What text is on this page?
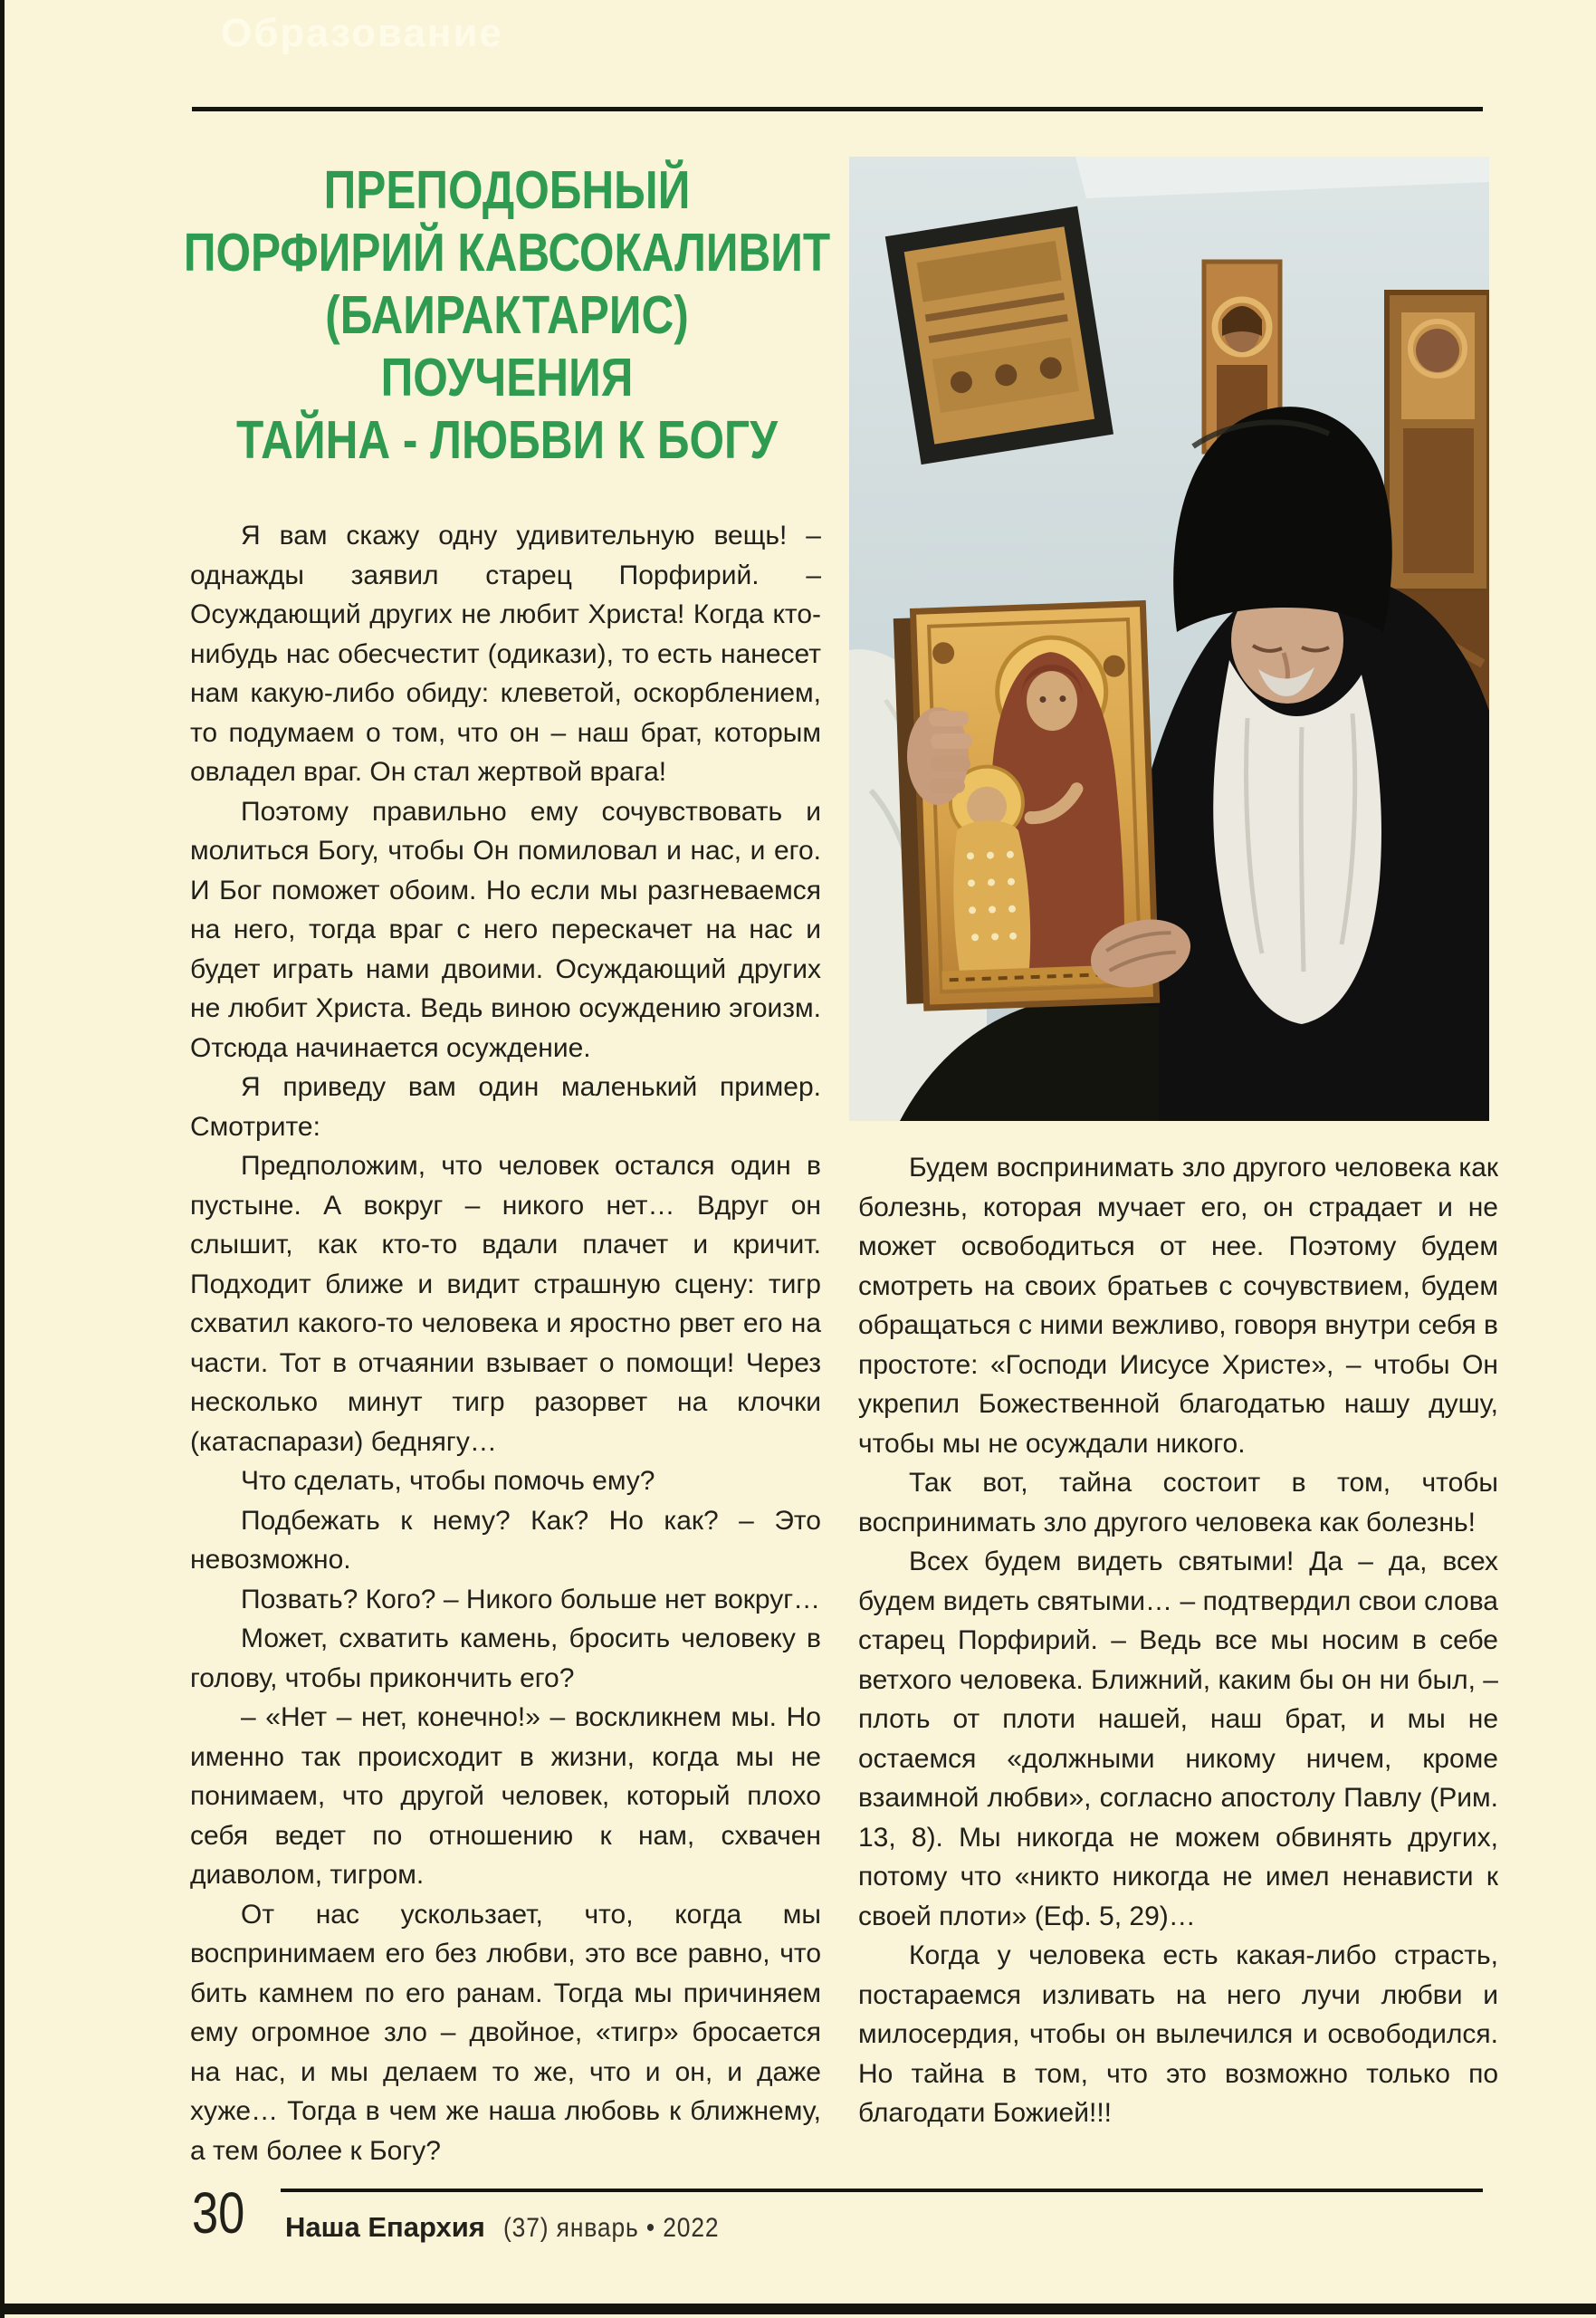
Образование
ПРЕПОДОБНЫЙ
ПОРФИРИЙ КАВСОКАЛИВИТ
(БАИРАКТАРИС)
ПОУЧЕНИЯ
ТАЙНА - ЛЮБВИ К БОГУ

Я вам скажу одну удивительную вещь! – однажды заявил старец Порфирий. – Осуждающий других не любит Христа! Когда кто-нибудь нас обесчестит (одикази), то есть нанесет нам какую-либо обиду: клеветой, оскорблением, то подумаем о том, что он – наш брат, которым овладел враг. Он стал жертвой врага!

Поэтому правильно ему сочувствовать и молиться Богу, чтобы Он помиловал и нас, и его. И Бог поможет обоим. Но если мы разгневаемся на него, тогда враг с него перескачет на нас и будет играть нами двоими. Осуждающий других не любит Христа. Ведь виною осуждению эгоизм. Отсюда начинается осуждение.

Я приведу вам один маленький пример. Смотрите:

Предположим, что человек остался один в пустыне. А вокруг – никого нет… Вдруг он слышит, как кто-то вдали плачет и кричит. Подходит ближе и видит страшную сцену: тигр схватил какого-то человека и яростно рвет его на части. Тот в отчаянии взывает о помощи! Через несколько минут тигр разорвет на клочки (катаспарази) беднягу…

Что сделать, чтобы помочь ему?

Подбежать к нему? Как? Но как? – Это невозможно.

Позвать? Кого? – Никого больше нет вокруг…

Может, схватить камень, бросить человеку в голову, чтобы прикончить его?

– «Нет – нет, конечно!» – воскликнем мы. Но именно так происходит в жизни, когда мы не понимаем, что другой человек, который плохо себя ведет по отношению к нам, схвачен диаволом, тигром.

От нас ускользает, что, когда мы воспринимаем его без любви, это все равно, что бить камнем по его ранам. Тогда мы причиняем ему огромное зло – двойное, «тигр» бросается на нас, и мы делаем то же, что и он, и даже хуже… Тогда в чем же наша любовь к ближнему, а тем более к Богу?

Будем воспринимать зло другого человека как болезнь, которая мучает его, он страдает и не может освободиться от нее. Поэтому будем смотреть на своих братьев с сочувствием, будем обращаться с ними вежливо, говоря внутри себя в простоте: «Господи Иисусе Христе», – чтобы Он укрепил Божественной благодатью нашу душу, чтобы мы не осуждали никого.

Так вот, тайна состоит в том, чтобы воспринимать зло другого человека как болезнь!

Всех будем видеть святыми! Да – да, всех будем видеть святыми… – подтвердил свои слова старец Порфирий. – Ведь все мы носим в себе ветхого человека. Ближний, каким бы он ни был, – плоть от плоти нашей, наш брат, и мы не остаемся «должными никому ничем, кроме взаимной любви», согласно апостолу Павлу (Рим. 13, 8). Мы никогда не можем обвинять других, потому что «никто никогда не имел ненависти к своей плоти» (Еф. 5, 29)…

Когда у человека есть какая-либо страсть, постараемся изливать на него лучи любви и милосердия, чтобы он вылечился и освободился. Но тайна в том, что это возможно только по благодати Божией!!!

30 Наша Епархия (37) январь • 2022
